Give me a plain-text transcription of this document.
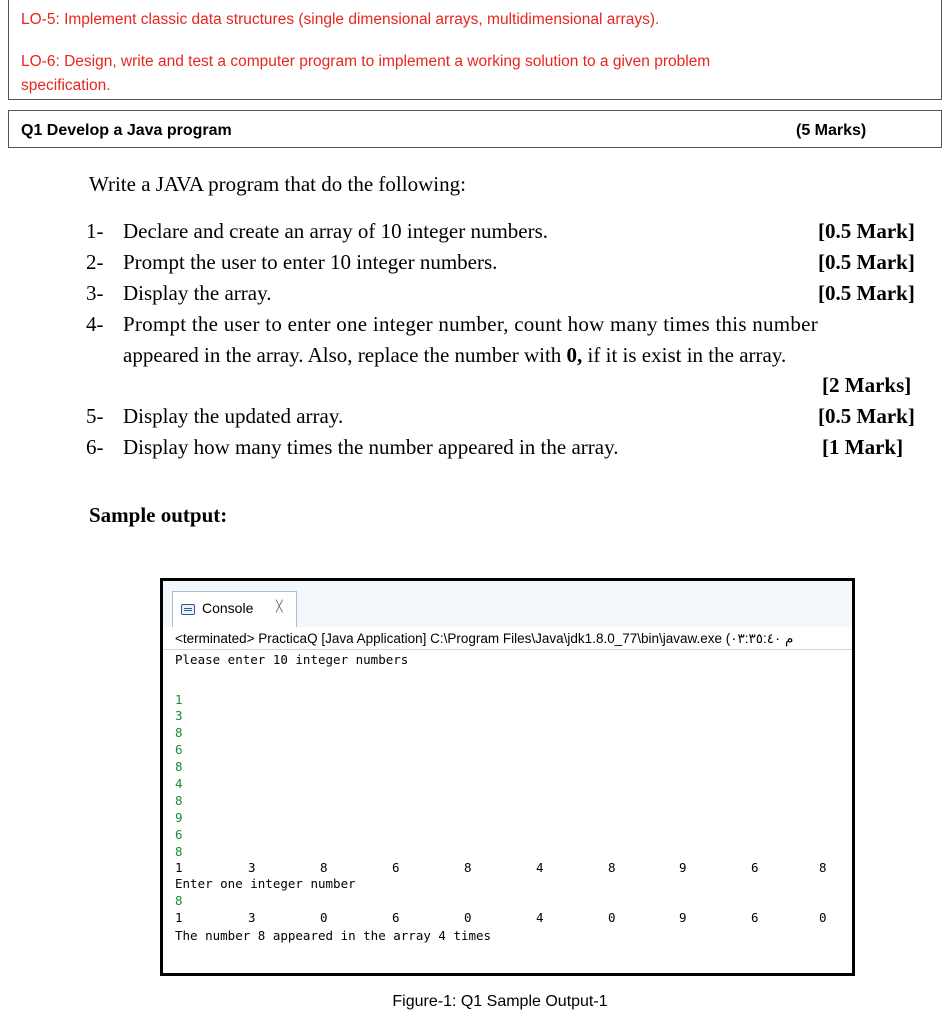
LO-5: Implement classic data structures (single dimensional arrays, multidimensional arrays).
LO-6: Design, write and test a computer program to implement a working solution to a given problem
specification.
Q1 Develop a Java program	(5 Marks)
Write a JAVA program that do the following:
1- Declare and create an array of 10 integer numbers.	[0.5 Mark]
2- Prompt the user to enter 10 integer numbers.	[0.5 Mark]
3- Display the array.	[0.5 Mark]
4- Prompt the user to enter one integer number, count how many times this number
appeared in the array. Also, replace the number with 0, if it is exist in the array.
[2 Marks]
5- Display the updated array.	[0.5 Mark]
6- Display how many times the number appeared in the array.	[1 Mark]
Sample output:
Console ╳
<terminated> PracticaQ [Java Application] C:\Program Files\Java\jdk1.8.0_77\bin\javaw.exe (م ٠٣:٣٥:٤٠
Please enter 10 integer numbers
1
3
8
6
8
4
8
9
6
8
1	3	8	6	8	4	8	9	6	8
Enter one integer number
8
1	3	0	6	0	4	0	9	6	0
The number 8 appeared in the array 4 times
Figure-1: Q1 Sample Output-1
